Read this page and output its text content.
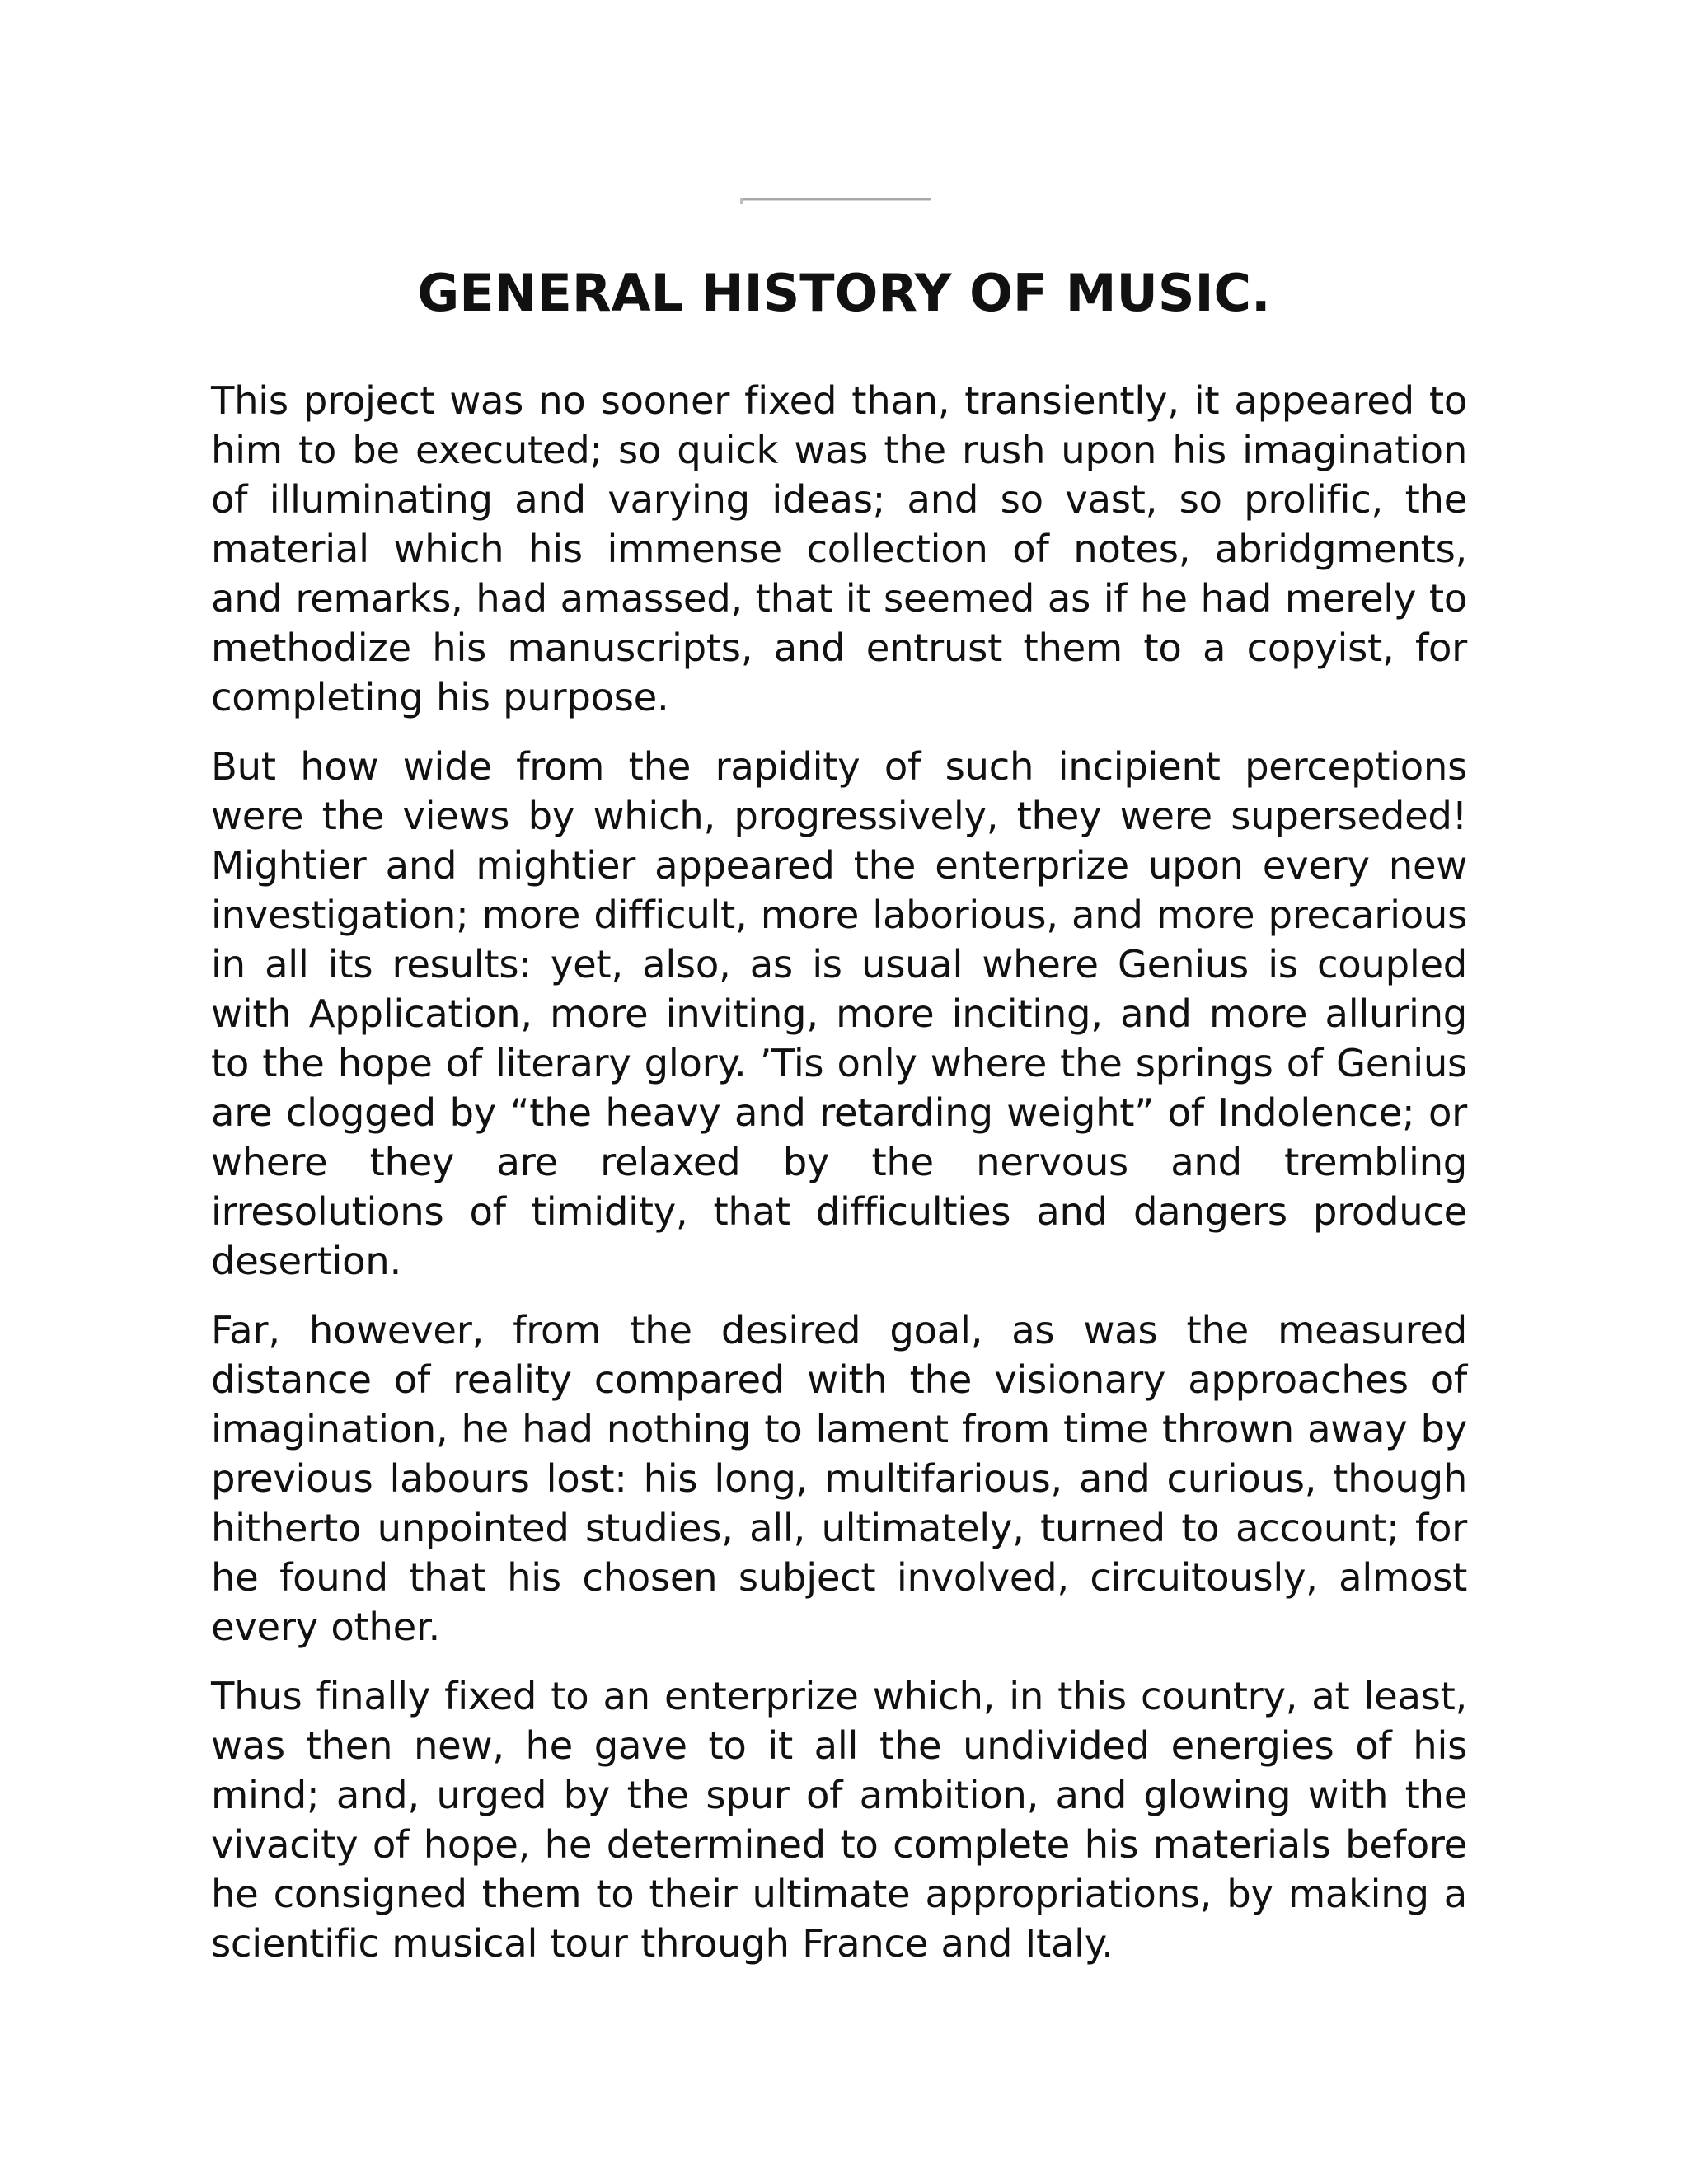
GENERAL HISTORY OF MUSIC.

This project was no sooner fixed than, transiently, it appeared to him to be executed; so quick was the rush upon his imagination of illuminating and varying ideas; and so vast, so prolific, the material which his immense collection of notes, abridgments, and remarks, had amassed, that it seemed as if he had merely to methodize his manuscripts, and entrust them to a copyist, for completing his purpose.

But how wide from the rapidity of such incipient perceptions were the views by which, progressively, they were superseded! Mightier and mightier appeared the enterprize upon every new investigation; more difficult, more laborious, and more precarious in all its results: yet, also, as is usual where Genius is coupled with Application, more inviting, more inciting, and more alluring to the hope of literary glory. ’Tis only where the springs of Genius are clogged by “the heavy and retarding weight” of Indolence; or where they are relaxed by the nervous and trembling irresolutions of timidity, that difficulties and dangers produce desertion.

Far, however, from the desired goal, as was the measured distance of reality compared with the visionary approaches of imagination, he had nothing to lament from time thrown away by previous labours lost: his long, multifarious, and curious, though hitherto unpointed studies, all, ultimately, turned to account; for he found that his chosen subject involved, circuitously, almost every other.

Thus finally fixed to an enterprize which, in this country, at least, was then new, he gave to it all the undivided energies of his mind; and, urged by the spur of ambition, and glowing with the vivacity of hope, he determined to complete his materials before he consigned them to their ultimate appropriations, by making a scientific musical tour through France and Italy.
